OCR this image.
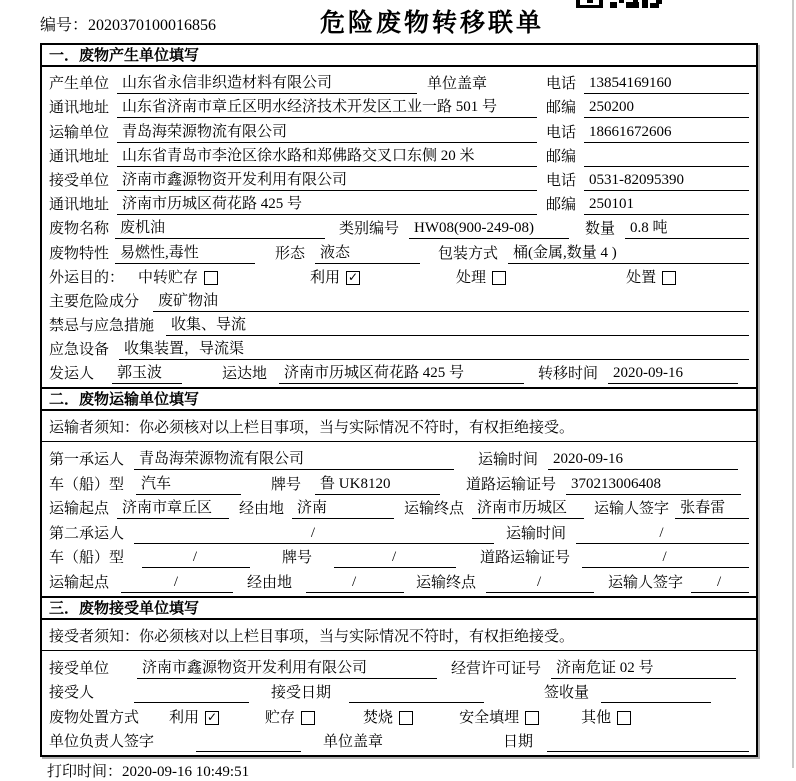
编号：2020370100016856	危险废物转移联单
一．废物产生单位填写
产生单位 山东省永信非织造材料有限公司	单位盖章	电话 13854169160
通讯地址 山东省济南市章丘区明水经济技术开发区工业一路 501 号	邮编 250200
运输单位 青岛海荣源物流有限公司	电话 18661672606
通讯地址 山东省青岛市李沧区徐水路和郑佛路交叉口东侧 20 米	邮编
接受单位 济南市鑫源物资开发利用有限公司	电话 0531-82095390
通讯地址 济南市历城区荷花路 425 号	邮编 250101
废物名称 废机油	类别编号	HW08(900-249-08)	数量	0.8 吨
废物特性 易燃性,毒性	形态	液态	包装方式	桶(金属,数量 4 )
外运目的： 中转贮存	利用 ✓	处理	处置
主要危险成分	废矿物油
禁忌与应急措施	收集、导流
应急设备	收集装置，导流渠
发运人	郭玉波	运达地	济南市历城区荷花路 425 号	转移时间	2020-09-16
二．废物运输单位填写
运输者须知：你必须核对以上栏目事项，当与实际情况不符时，有权拒绝接受。
第一承运人	青岛海荣源物流有限公司	运输时间	2020-09-16
车（船）型	汽车	牌号	鲁 UK8120	道路运输证号	370213006408
运输起点 济南市章丘区	经由地 济南	运输终点 济南市历城区	运输人签字 张春雷
第二承运人	/	运输时间	/
车（船）型	/	牌号	/	道路运输证号	/
运输起点	/	经由地	/	运输终点	/	运输人签字	/
三．废物接受单位填写
接受者须知：你必须核对以上栏目事项，当与实际情况不符时，有权拒绝接受。
接受单位	济南市鑫源物资开发利用有限公司	经营许可证号	济南危证 02 号
接受人	接受日期	签收量
废物处置方式 利用 ✓	贮存	焚烧	安全填埋	其他
单位负责人签字	单位盖章	日期
打印时间：2020-09-16 10:49:51
